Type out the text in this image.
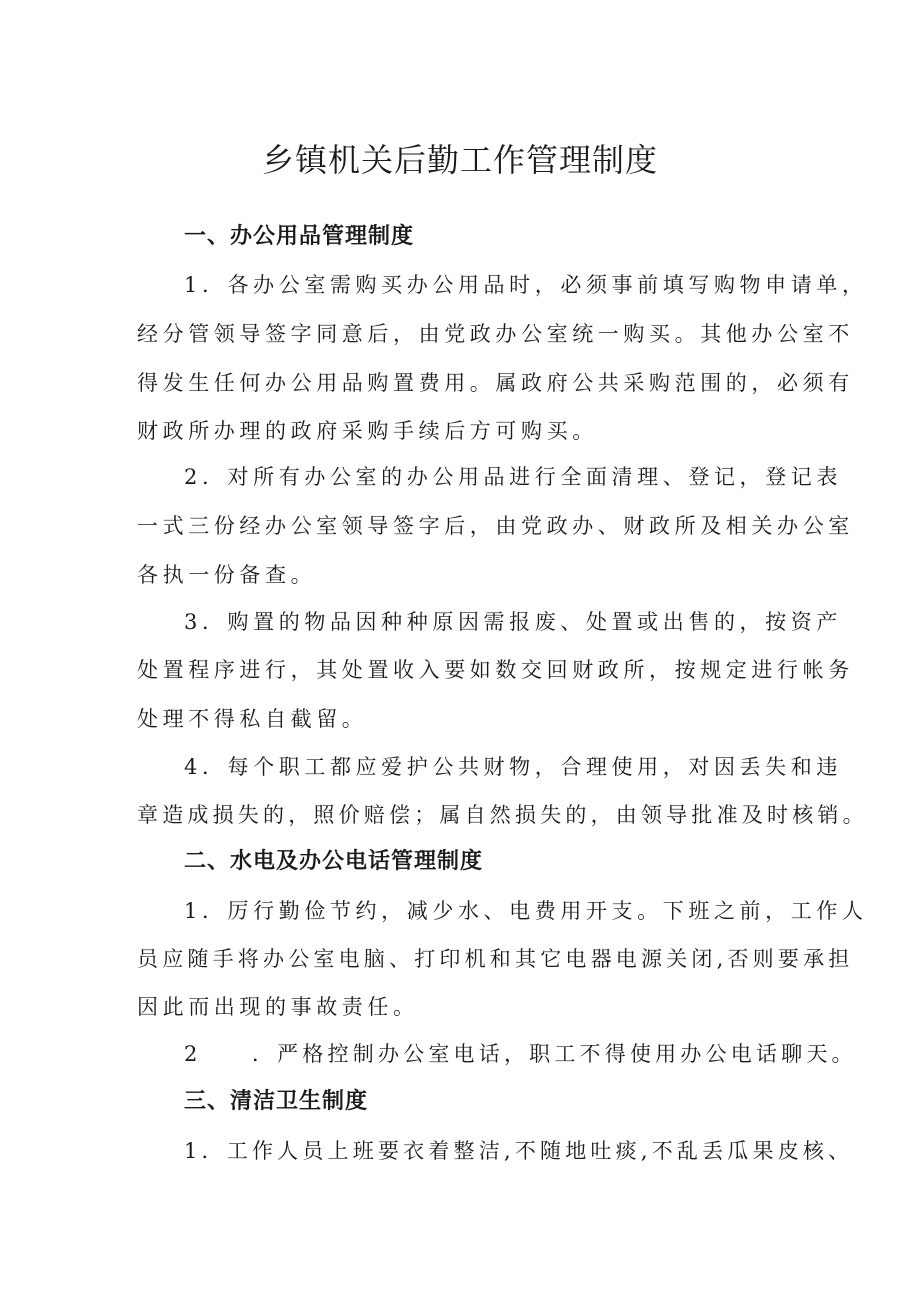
乡镇机关后勤工作管理制度
一、办公用品管理制度

1．各办公室需购买办公用品时，必须事前填写购物申请单，

经分管领导签字同意后，由党政办公室统一购买。其他办公室不

得发生任何办公用品购置费用。属政府公共采购范围的，必须有

财政所办理的政府采购手续后方可购买。

2．对所有办公室的办公用品进行全面清理、登记，登记表

一式三份经办公室领导签字后，由党政办、财政所及相关办公室

各执一份备查。

3．购置的物品因种种原因需报废、处置或出售的，按资产

处置程序进行，其处置收入要如数交回财政所，按规定进行帐务

处理不得私自截留。

4．每个职工都应爱护公共财物，合理使用，对因丢失和违

章造成损失的，照价赔偿；属自然损失的，由领导批准及时核销。

二、水电及办公电话管理制度

1．厉行勤俭节约，减少水、电费用开支。下班之前，工作人

员应随手将办公室电脑、打印机和其它电器电源关闭,否则要承担

因此而出现的事故责任。

2　　．严格控制办公室电话，职工不得使用办公电话聊天。

三、清洁卫生制度

1．工作人员上班要衣着整洁,不随地吐痰,不乱丢瓜果皮核、
